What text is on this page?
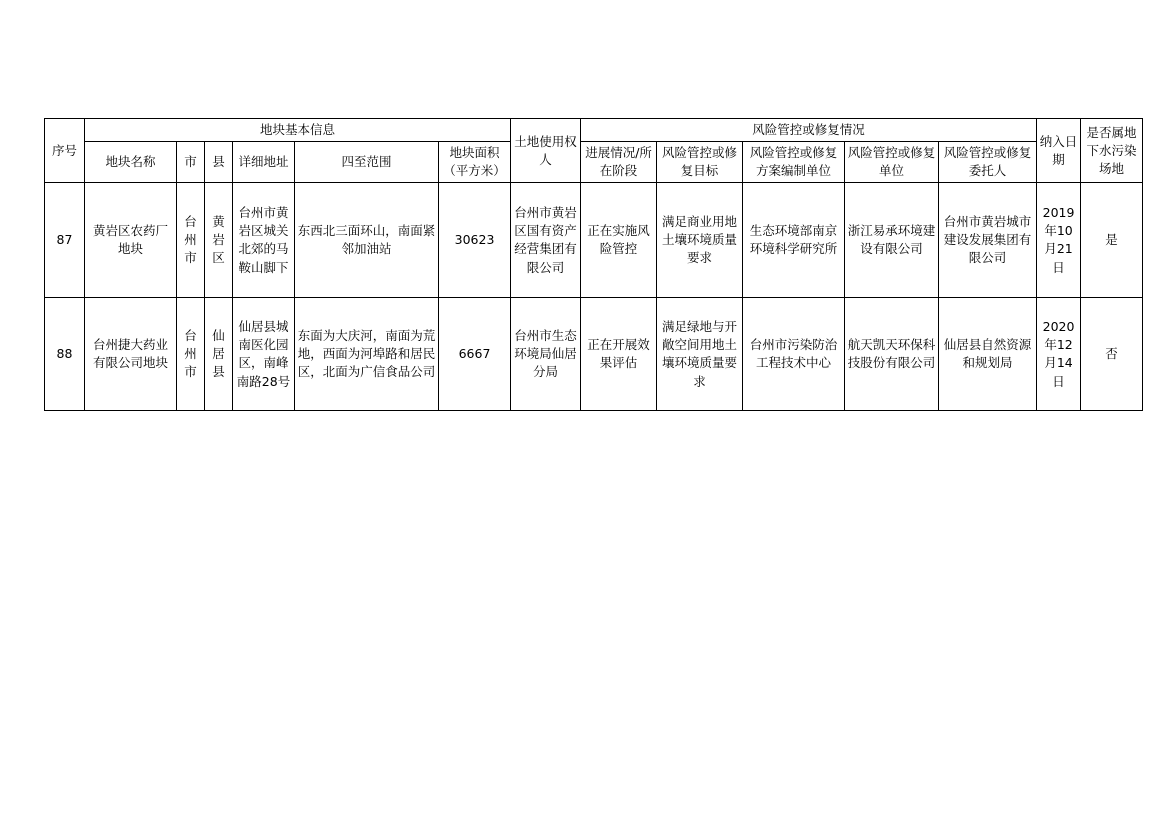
序号	地块基本信息						土地使用权人	风险管控或修复情况					纳入日期	是否属地下水污染场地
	地块名称	市	县	详细地址	四至范围	地块面积（平方米）		进展情况/所在阶段	风险管控或修复目标	风险管控或修复方案编制单位	风险管控或修复单位	风险管控或修复委托人		
87	黄岩区农药厂地块	台州市	黄岩区	台州市黄岩区城关北郊的马鞍山脚下	东西北三面环山，南面紧邻加油站	30623	台州市黄岩区国有资产经营集团有限公司	正在实施风险管控	满足商业用地土壤环境质量要求	生态环境部南京环境科学研究所	浙江易承环境建设有限公司	台州市黄岩城市建设发展集团有限公司	2019年10月21日	是
88	台州捷大药业有限公司地块	台州市	仙居县	仙居县城南医化园区，南峰南路28号	东面为大庆河，南面为荒地，西面为河埠路和居民区，北面为广信食品公司	6667	台州市生态环境局仙居分局	正在开展效果评估	满足绿地与开敞空间用地土壤环境质量要求	台州市污染防治工程技术中心	航天凯天环保科技股份有限公司	仙居县自然资源和规划局	2020年12月14日	否
